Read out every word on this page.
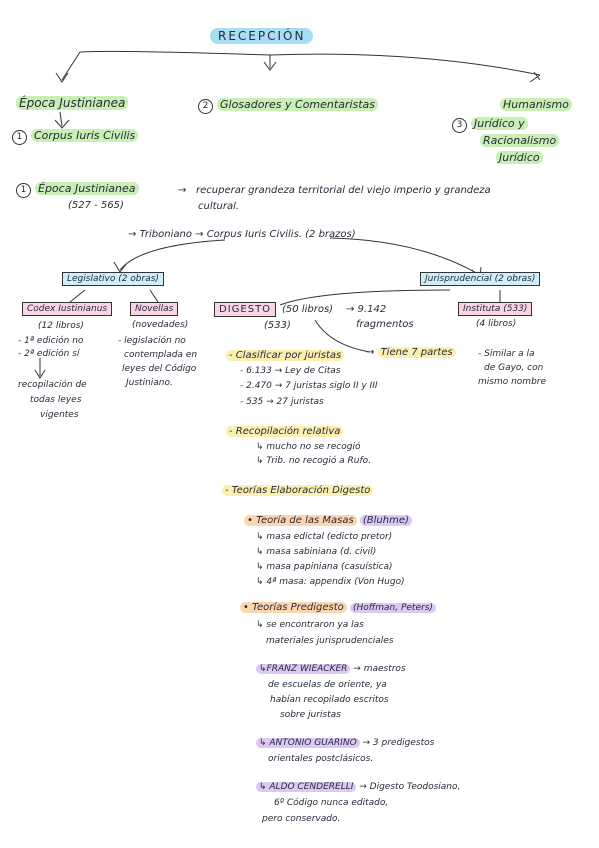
RECEPCIÓN
Época Justinianea
1 Corpus Iuris Civilis
2 Glosadores y Comentaristas	Humanismo
3 Jurídico y
Racionalismo
Jurídico
1 Época Justinianea
(527 - 565)
→ recuperar grandeza territorial del viejo imperio y grandeza
cultural.
→ Triboniano → Corpus Iuris Civilis. (2 brazos)
Legislativo (2 obras)
Codex Iustinianus
(12 libros)
- 1ª edición no
- 2ª edición sí
recopilación de
todas leyes
vigentes
Novellas
(novedades)
- legislación no
contemplada en
leyes del Código
Justiniano.
Jurisprudencial (2 obras)
Instituta (533)
(4 libros)
- Similar a la
de Gayo, con
mismo nombre
DIGESTO	(50 libros) → 9.142
fragmentos
(533)
→ Tiene 7 partes
- Clasificar por juristas
- 6.133 → Ley de Citas
- 2.470 → 7 juristas siglo II y III
- 535 → 27 juristas
- Recopilación relativa
↳ mucho no se recogió
↳ Trib. no recogió a Rufo.
- Teorías Elaboración Digesto
• Teoría de las Masas (Bluhme)
↳ masa edictal (edicto pretor)
↳ masa sabiniana (d. civil)
↳ masa papiniana (casuística)
↳ 4ª masa: appendix (Von Hugo)
• Teorías Predigesto (Hoffman, Peters)
↳ se encontraron ya las
materiales jurisprudenciales
↳FRANZ WIEACKER → maestros
de escuelas de oriente, ya
habían recopilado escritos
sobre juristas
↳ ANTONIO GUARINO → 3 predigestos
orientales postclásicos.
↳ ALDO CENDERELLI → Digesto Teodosiano,
6º Código nunca editado,
pero conservado.
